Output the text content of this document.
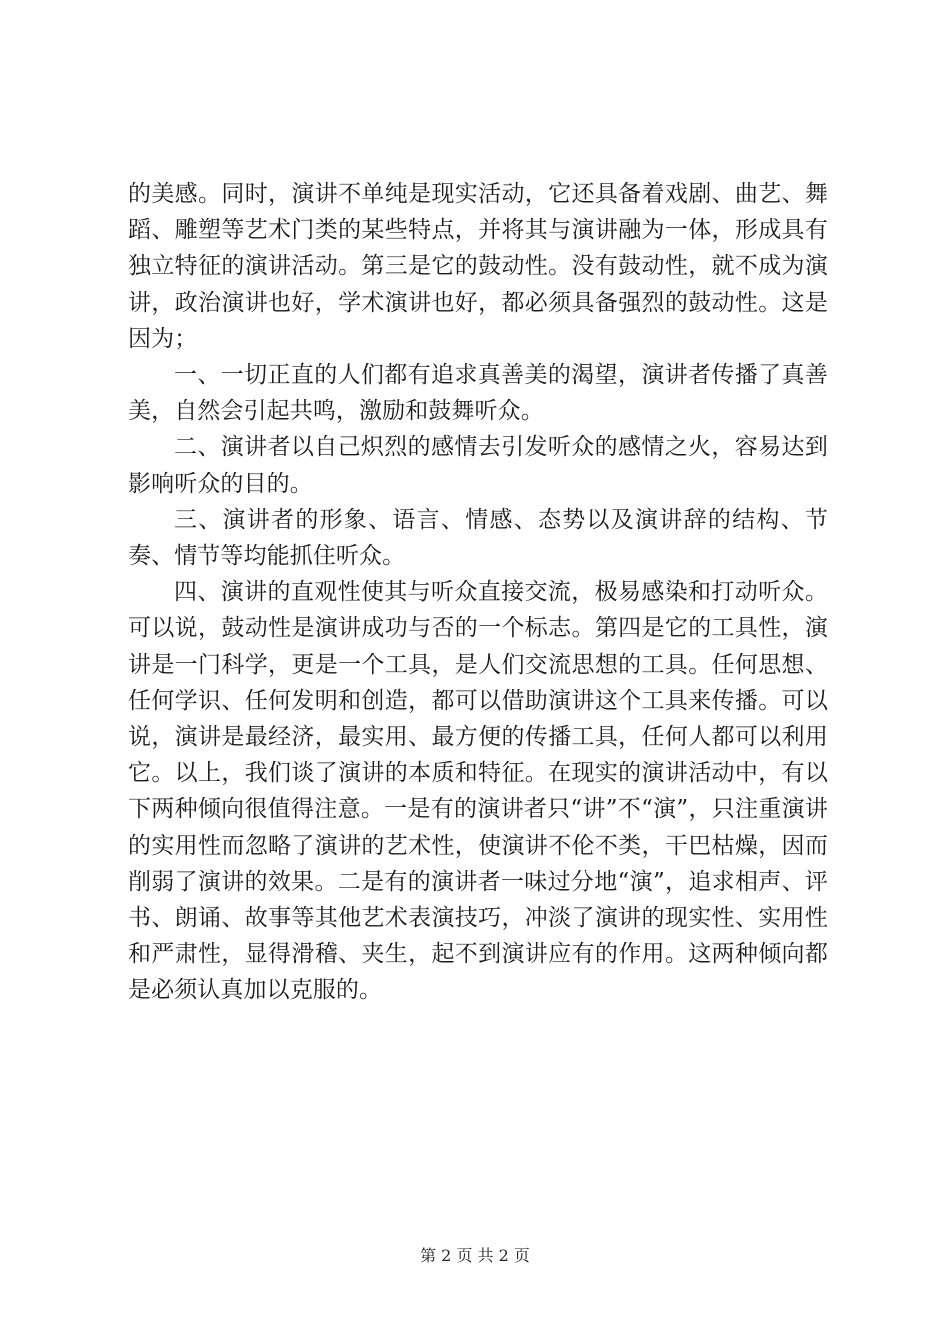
的美感。同时，演讲不单纯是现实活动，它还具备着戏剧、曲艺、舞蹈、雕塑等艺术门类的某些特点，并将其与演讲融为一体，形成具有独立特征的演讲活动。第三是它的鼓动性。没有鼓动性，就不成为演讲，政治演讲也好，学术演讲也好，都必须具备强烈的鼓动性。这是因为；

一、一切正直的人们都有追求真善美的渴望，演讲者传播了真善美，自然会引起共鸣，激励和鼓舞听众。

二、演讲者以自己炽烈的感情去引发听众的感情之火，容易达到影响听众的目的。

三、演讲者的形象、语言、情感、态势以及演讲辞的结构、节奏、情节等均能抓住听众。

四、演讲的直观性使其与听众直接交流，极易感染和打动听众。可以说，鼓动性是演讲成功与否的一个标志。第四是它的工具性，演讲是一门科学，更是一个工具，是人们交流思想的工具。任何思想、任何学识、任何发明和创造，都可以借助演讲这个工具来传播。可以说，演讲是最经济，最实用、最方便的传播工具，任何人都可以利用它。以上，我们谈了演讲的本质和特征。在现实的演讲活动中，有以下两种倾向很值得注意。一是有的演讲者只“讲”不“演”，只注重演讲的实用性而忽略了演讲的艺术性，使演讲不伦不类，干巴枯燥，因而削弱了演讲的效果。二是有的演讲者一味过分地“演”，追求相声、评书、朗诵、故事等其他艺术表演技巧，冲淡了演讲的现实性、实用性和严肃性，显得滑稽、夹生，起不到演讲应有的作用。这两种倾向都是必须认真加以克服的。

第 2 页 共 2 页
